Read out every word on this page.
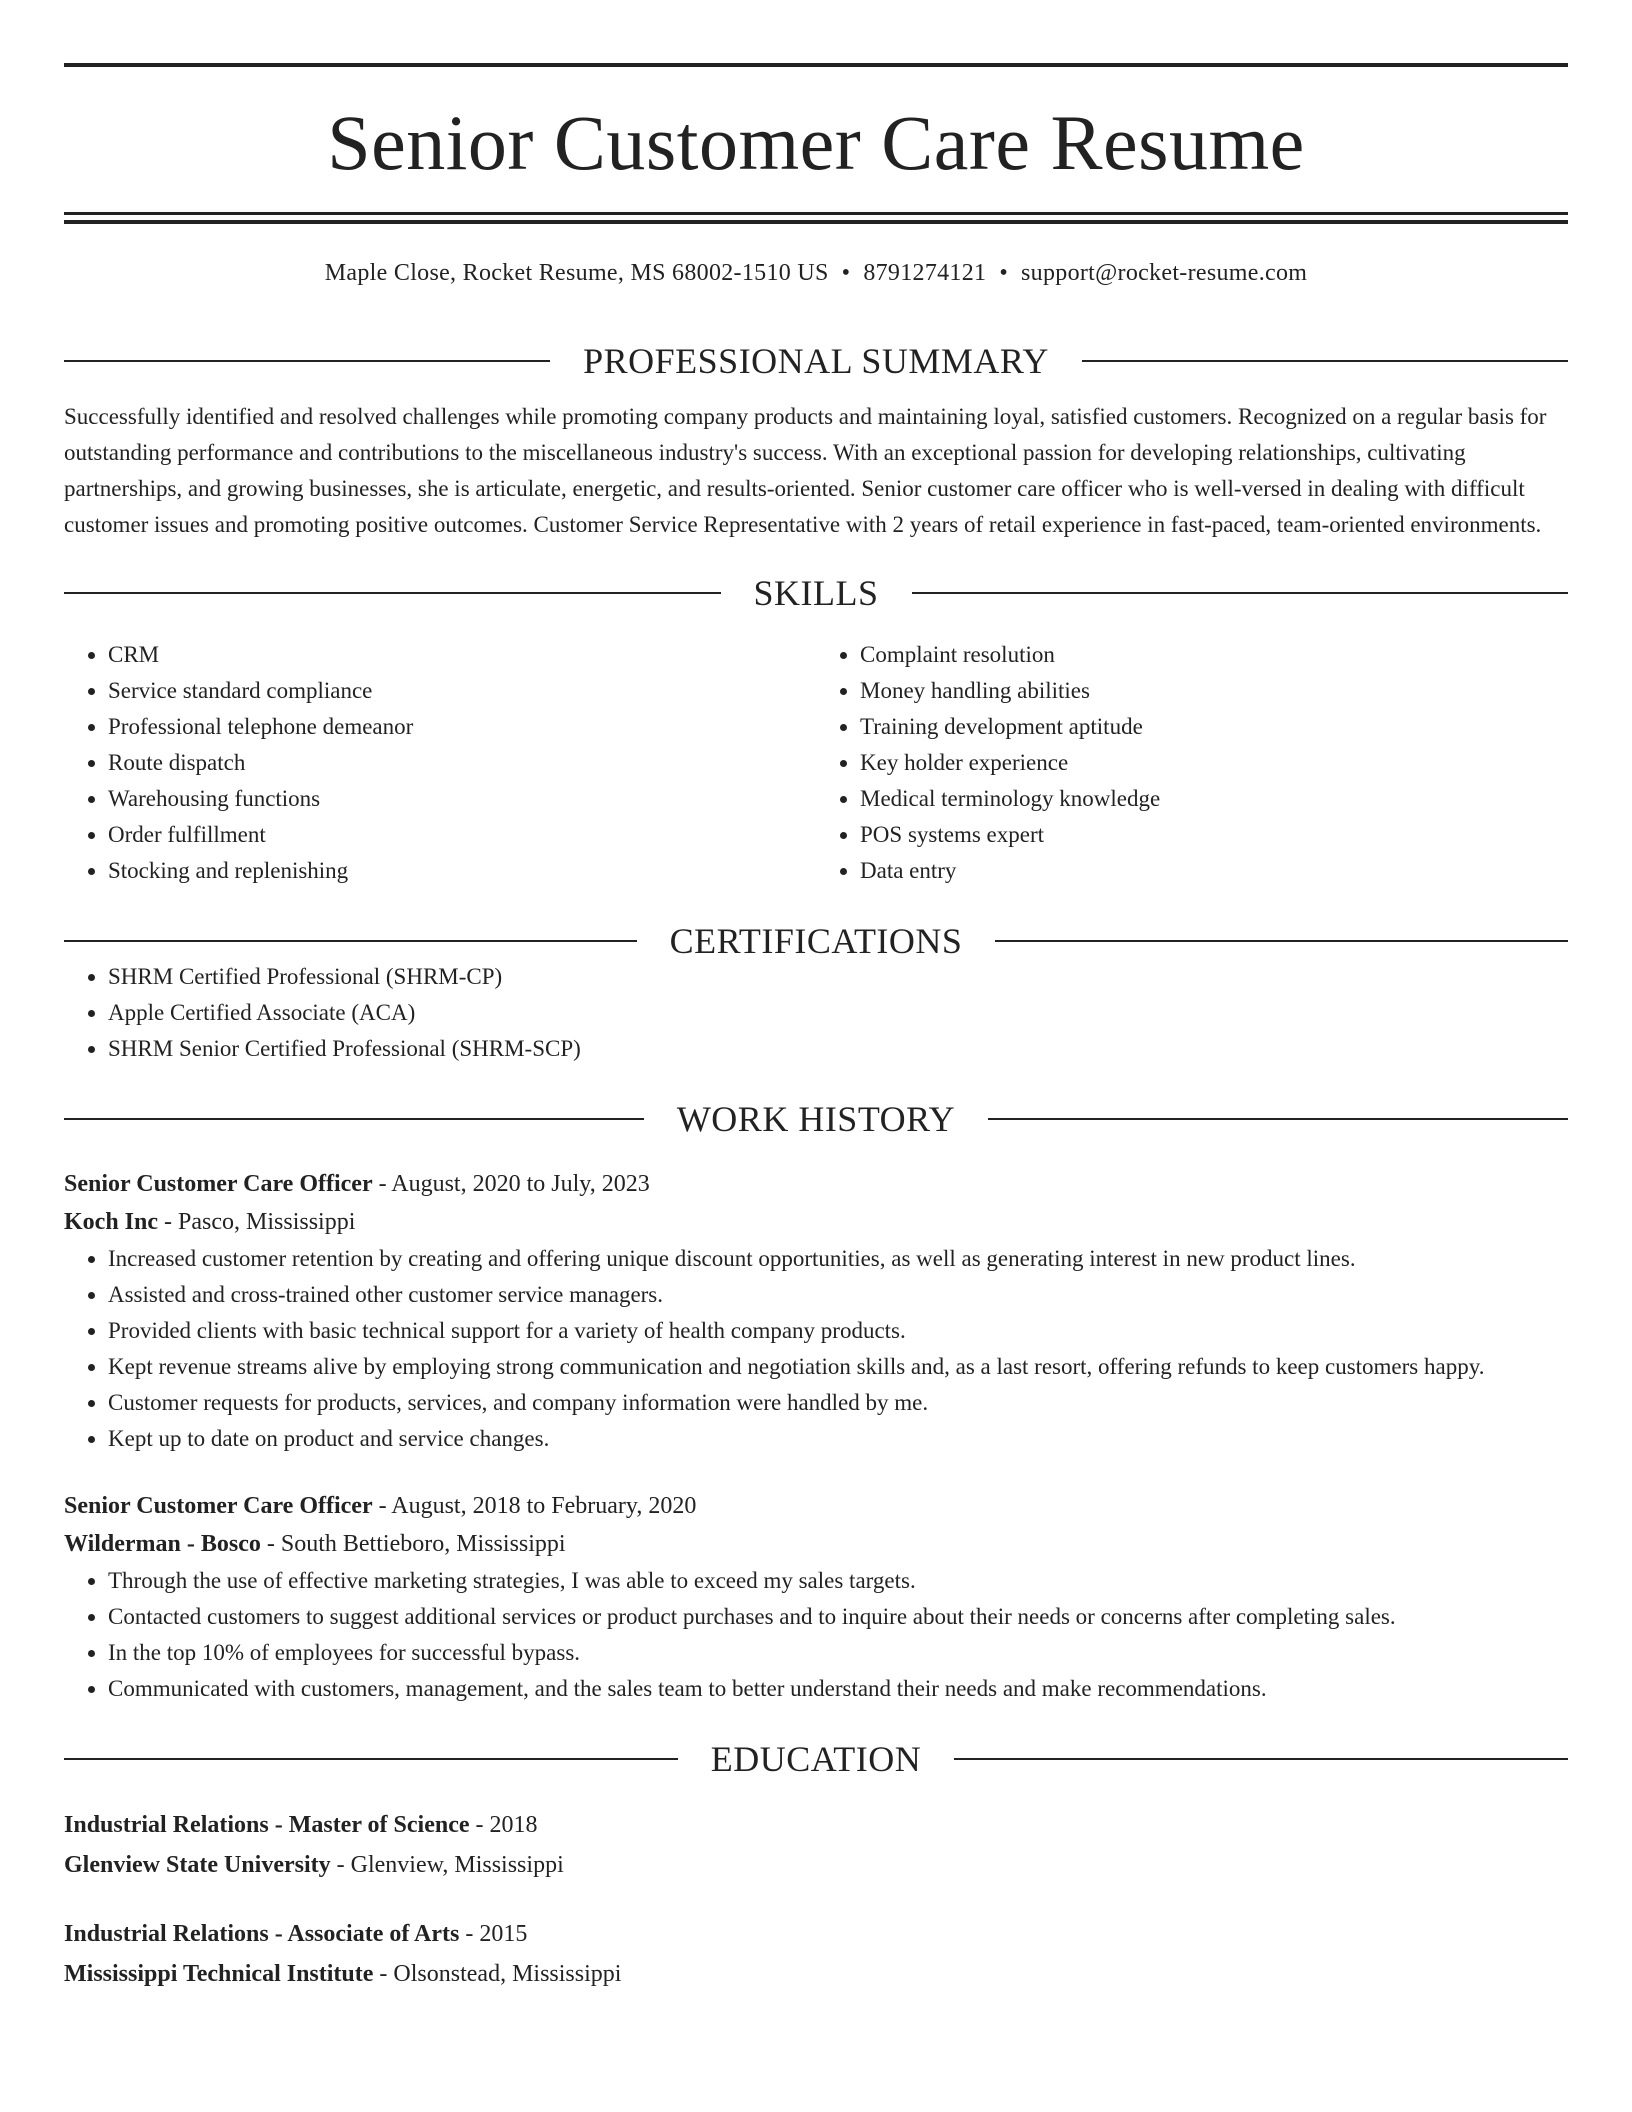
Senior Customer Care Resume
Maple Close, Rocket Resume, MS 68002-1510 US • 8791274121 • support@rocket-resume.com
PROFESSIONAL SUMMARY

Successfully identified and resolved challenges while promoting company products and maintaining loyal, satisfied customers. Recognized on a regular basis for outstanding performance and contributions to the miscellaneous industry's success. With an exceptional passion for developing relationships, cultivating partnerships, and growing businesses, she is articulate, energetic, and results-oriented. Senior customer care officer who is well-versed in dealing with difficult customer issues and promoting positive outcomes. Customer Service Representative with 2 years of retail experience in fast-paced, team-oriented environments.

SKILLS
• CRM
• Service standard compliance
• Professional telephone demeanor
• Route dispatch
• Warehousing functions
• Order fulfillment
• Stocking and replenishing
• Complaint resolution
• Money handling abilities
• Training development aptitude
• Key holder experience
• Medical terminology knowledge
• POS systems expert
• Data entry
CERTIFICATIONS
• SHRM Certified Professional (SHRM-CP)
• Apple Certified Associate (ACA)
• SHRM Senior Certified Professional (SHRM-SCP)
WORK HISTORY
Senior Customer Care Officer - August, 2020 to July, 2023
Koch Inc - Pasco, Mississippi
• Increased customer retention by creating and offering unique discount opportunities, as well as generating interest in new product lines.
• Assisted and cross-trained other customer service managers.
• Provided clients with basic technical support for a variety of health company products.
• Kept revenue streams alive by employing strong communication and negotiation skills and, as a last resort, offering refunds to keep customers happy.
• Customer requests for products, services, and company information were handled by me.
• Kept up to date on product and service changes.
Senior Customer Care Officer - August, 2018 to February, 2020
Wilderman - Bosco - South Bettieboro, Mississippi
• Through the use of effective marketing strategies, I was able to exceed my sales targets.
• Contacted customers to suggest additional services or product purchases and to inquire about their needs or concerns after completing sales.
• In the top 10% of employees for successful bypass.
• Communicated with customers, management, and the sales team to better understand their needs and make recommendations.
EDUCATION
Industrial Relations - Master of Science - 2018
Glenview State University - Glenview, Mississippi
Industrial Relations - Associate of Arts - 2015
Mississippi Technical Institute - Olsonstead, Mississippi
